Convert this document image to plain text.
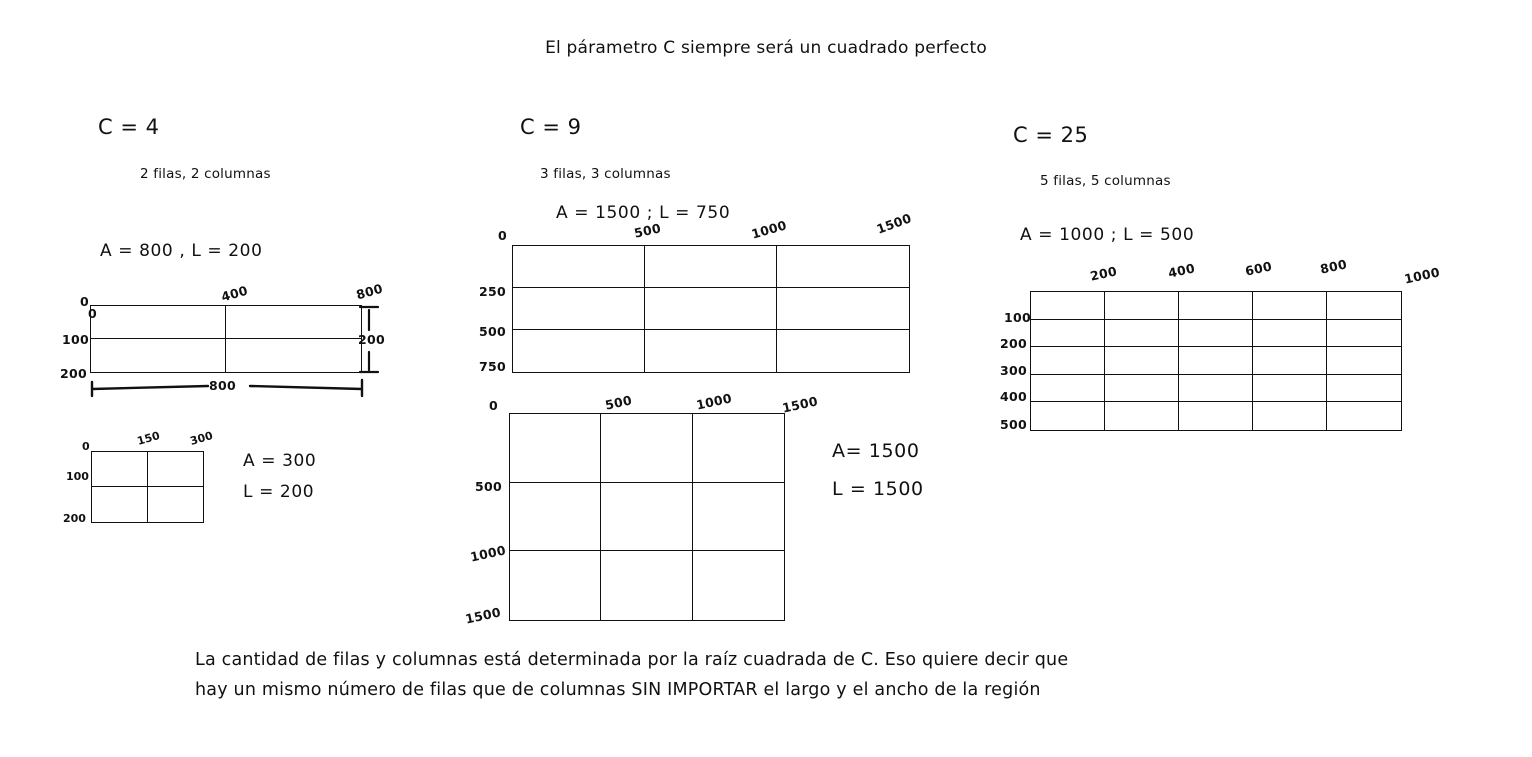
El párametro C siempre será un cuadrado perfecto
C = 4
2 filas, 2 columnas
A = 800 , L = 200
0	400	800
0
100
200
800
200
0	150 300
100
200
A = 300
L = 200
C = 9
3 filas, 3 columnas
A = 1500 ; L = 750
0	500	1000	1500
250
500
750
0	500	1000	1500
500
1000
1500
A= 1500
L = 1500
C = 25
5 filas, 5 columnas
A = 1000 ; L = 500
200	400	600	800	1000
100
200
300
400
500
La cantidad de filas y columnas está determinada por la raíz cuadrada de C. Eso quiere decir que
hay un mismo número de filas que de columnas SIN IMPORTAR el largo y el ancho de la región
